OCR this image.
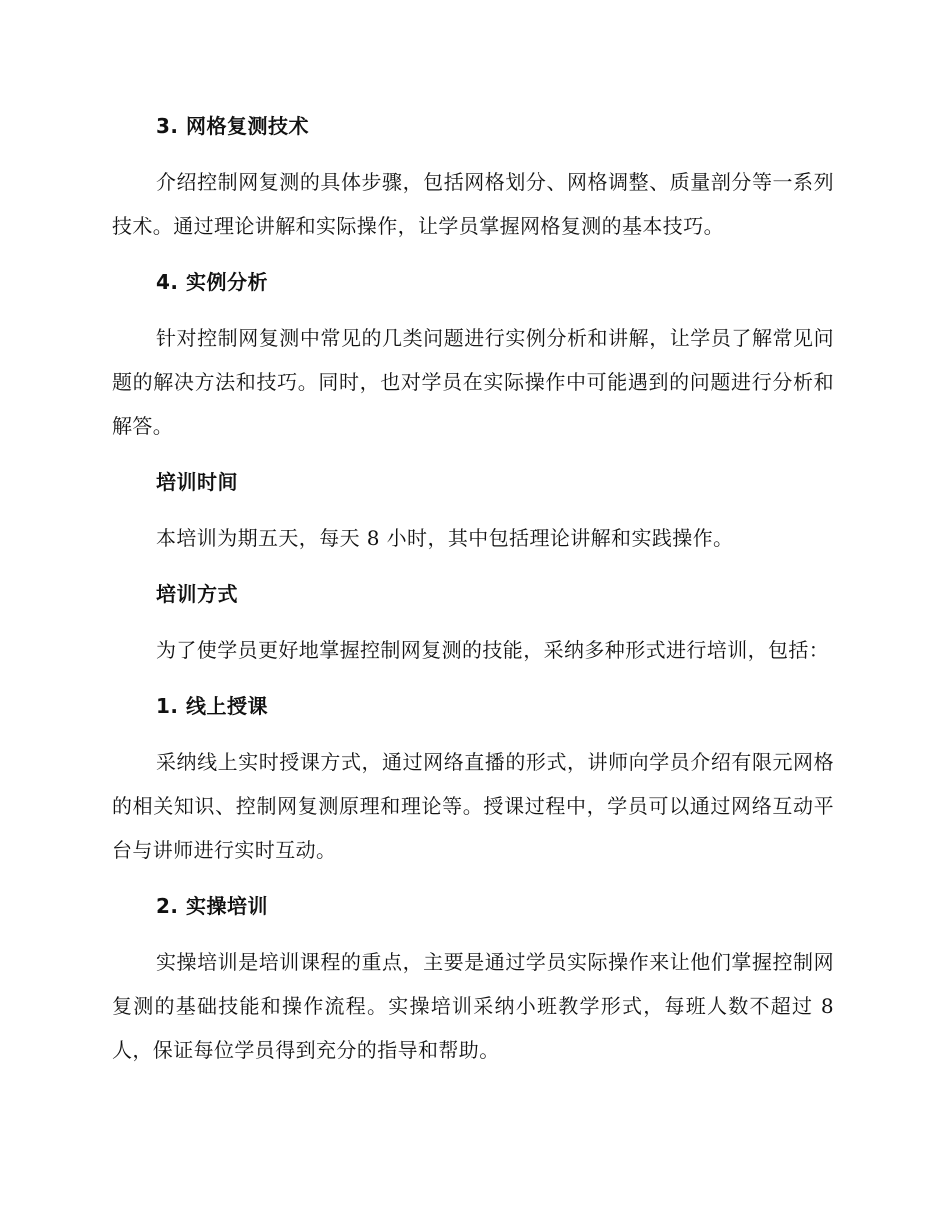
3. 网格复测技术
介绍控制网复测的具体步骤，包括网格划分、网格调整、质量剖分等一系列技术。通过理论讲解和实际操作，让学员掌握网格复测的基本技巧。
4. 实例分析
针对控制网复测中常见的几类问题进行实例分析和讲解，让学员了解常见问题的解决方法和技巧。同时，也对学员在实际操作中可能遇到的问题进行分析和解答。
培训时间
本培训为期五天，每天 8 小时，其中包括理论讲解和实践操作。
培训方式
为了使学员更好地掌握控制网复测的技能，采纳多种形式进行培训，包括：
1. 线上授课
采纳线上实时授课方式，通过网络直播的形式，讲师向学员介绍有限元网格的相关知识、控制网复测原理和理论等。授课过程中，学员可以通过网络互动平台与讲师进行实时互动。
2. 实操培训
实操培训是培训课程的重点，主要是通过学员实际操作来让他们掌握控制网复测的基础技能和操作流程。实操培训采纳小班教学形式，每班人数不超过 8 人，保证每位学员得到充分的指导和帮助。
